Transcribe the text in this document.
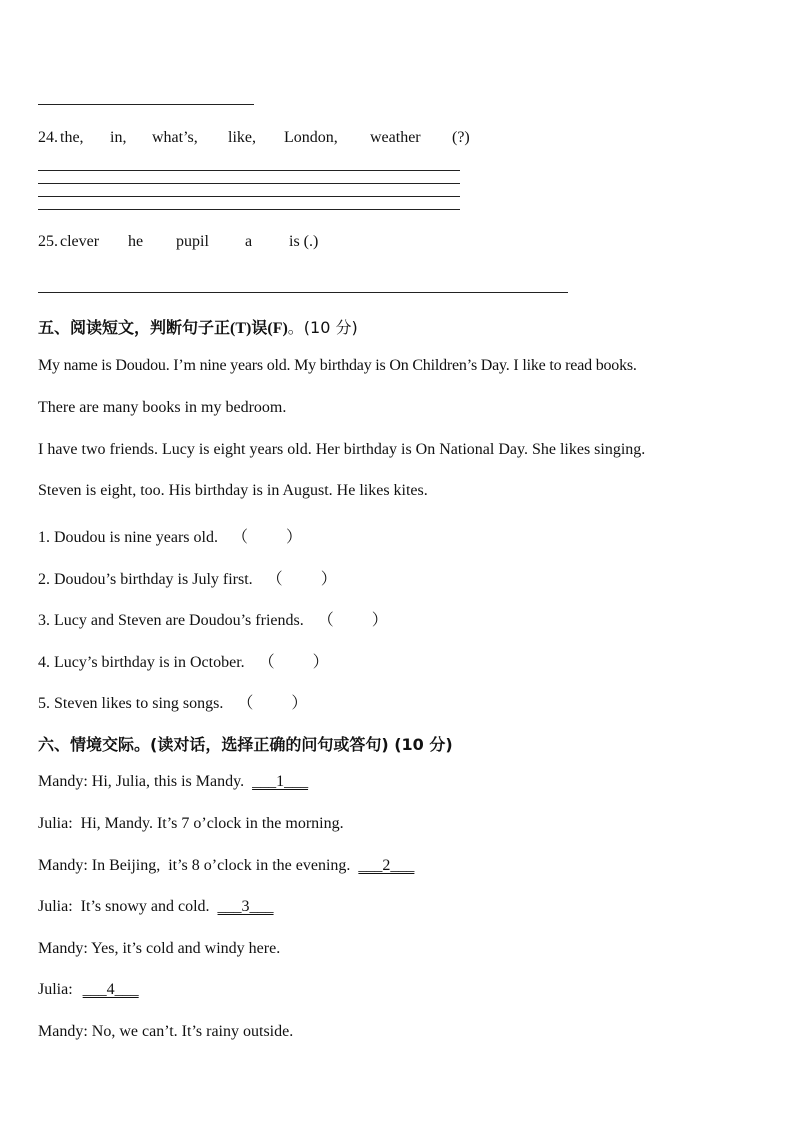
24. the, in, what’s, like, London, weather (?)
25. clever he pupil a is (.)
五、阅读短文，判断句子正(T)误(F)。(10 分)
My name is Doudou. I’m nine years old. My birthday is On Children’s Day. I like to read books.
There are many books in my bedroom.
I have two friends. Lucy is eight years old. Her birthday is On National Day. She likes singing.
Steven is eight, too. His birthday is in August. He likes kites.
1. Doudou is nine years old. （ ）
2. Doudou’s birthday is July first. （ ）
3. Lucy and Steven are Doudou’s friends. （ ）
4. Lucy’s birthday is in October. （ ）
5. Steven likes to sing songs. （ ）
六、情境交际。(读对话，选择正确的问句或答句) (10 分)
Mandy: Hi, Julia, this is Mandy. ___1___
Julia:  Hi, Mandy. It’s 7 o’clock in the morning.
Mandy: In Beijing,  it’s 8 o’clock in the evening. ___2___
Julia:  It’s snowy and cold. ___3___
Mandy: Yes, it’s cold and windy here.
Julia: ___4___
Mandy: No, we can’t. It’s rainy outside.
